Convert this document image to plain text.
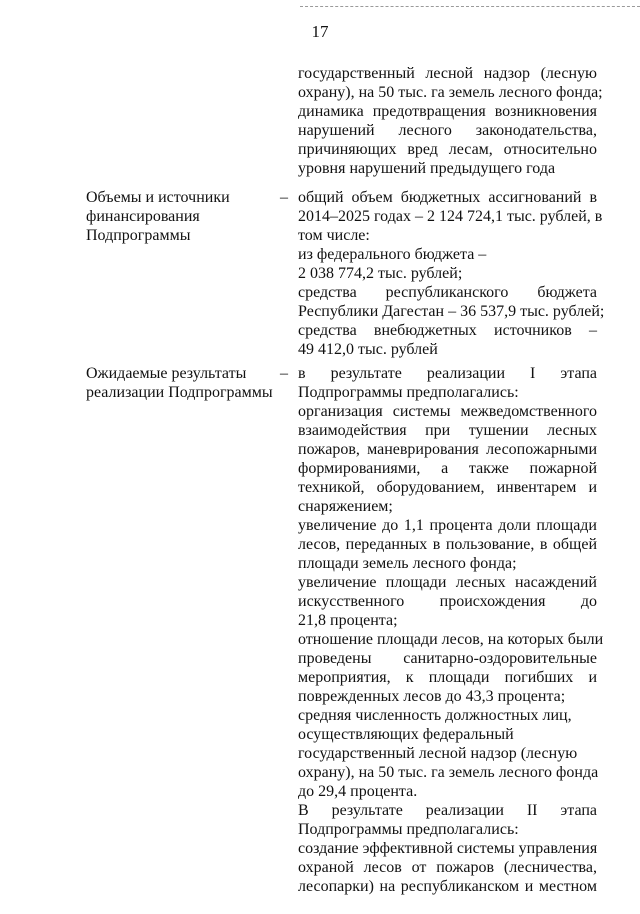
17
государственный лесной надзор (лесную
охрану), на 50 тыс. га земель лесного фонда;
динамика предотвращения возникновения
нарушений лесного законодательства,
причиняющих вред лесам, относительно
уровня нарушений предыдущего года
Объемы и источники
финансирования
Подпрограммы
– общий объем бюджетных ассигнований в
2014–2025 годах – 2 124 724,1 тыс. рублей, в
том числе:
из федерального бюджета –
2 038 774,2 тыс. рублей;
средства республиканского бюджета
Республики Дагестан – 36 537,9 тыс. рублей;
средства внебюджетных источников –
49 412,0 тыс. рублей
Ожидаемые результаты
реализации Подпрограммы
– в результате реализации I этапа
Подпрограммы предполагались:
организация системы межведомственного
взаимодействия при тушении лесных
пожаров, маневрирования лесопожарными
формированиями, а также пожарной
техникой, оборудованием, инвентарем и
снаряжением;
увеличение до 1,1 процента доли площади
лесов, переданных в пользование, в общей
площади земель лесного фонда;
увеличение площади лесных насаждений
искусственного происхождения до
21,8 процента;
отношение площади лесов, на которых были
проведены санитарно-оздоровительные
мероприятия, к площади погибших и
поврежденных лесов до 43,3 процента;
средняя численность должностных лиц,
осуществляющих федеральный
государственный лесной надзор (лесную
охрану), на 50 тыс. га земель лесного фонда
до 29,4 процента.
В результате реализации II этапа
Подпрограммы предполагались:
создание эффективной системы управления
охраной лесов от пожаров (лесничества,
лесопарки) на республиканском и местном
